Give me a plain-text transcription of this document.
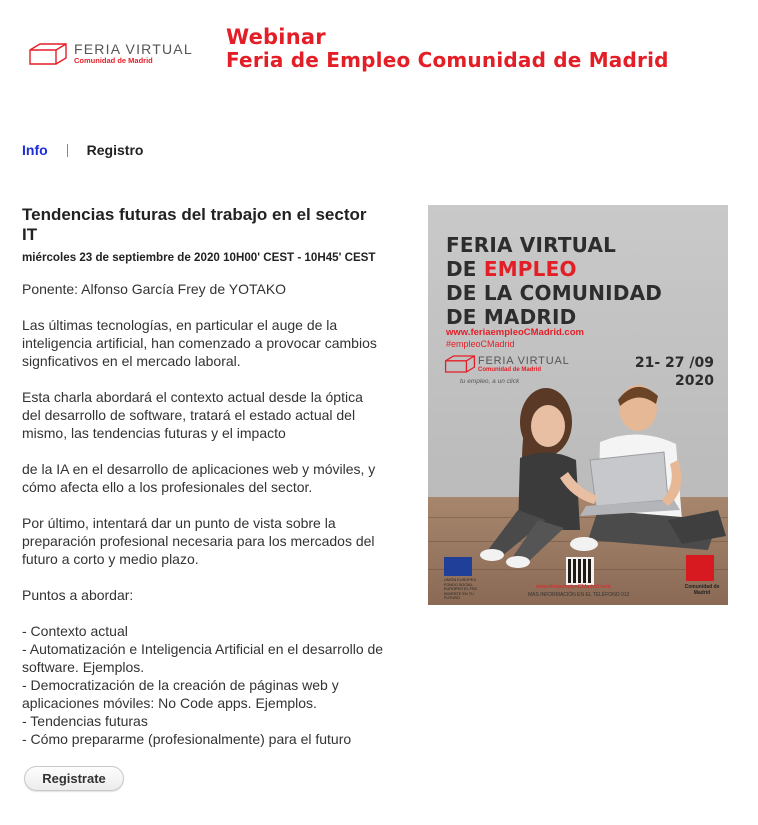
FERIA VIRTUAL
Comunidad de Madrid
Webinar
Feria de Empleo Comunidad de Madrid
Info	Registro
Tendencias futuras del trabajo en el sector
IT
miércoles 23 de septiembre de 2020 10H00' CEST - 10H45' CEST
Ponente: Alfonso García Frey de YOTAKO
Las últimas tecnologías, en particular el auge de la
inteligencia artificial, han comenzado a provocar cambios
signficativos en el mercado laboral.
Esta charla abordará el contexto actual desde la óptica
del desarrollo de software, tratará el estado actual del
mismo, las tendencias futuras y el impacto
de la IA en el desarrollo de aplicaciones web y móviles, y
cómo afecta ello a los profesionales del sector.
Por último, intentará dar un punto de vista sobre la
preparación profesional necesaria para los mercados del
futuro a corto y medio plazo.
Puntos a abordar:
- Contexto actual
- Automatización e Inteligencia Artificial en el desarrollo de
software. Ejemplos.
- Democratización de la creación de páginas web y
aplicaciones móviles: No Code apps. Ejemplos.
- Tendencias futuras
- Cómo prepararme (profesionalmente) para el futuro
Registrate
FERIA VIRTUAL
DE EMPLEO
DE LA COMUNIDAD
DE MADRID
www.feriaempleoCMadrid.com
#empleoCMadrid
FERIA VIRTUAL
Comunidad de Madrid
tu empleo, a un click
21- 27 /09
2020
UNIÓN EUROPEA FONDO SOCIAL EUROPEO EL FSE INVIERTE EN TU FUTURO
Comunidad de Madrid
www.feriaempleoCMadrid.com
MÁS INFORMACIÓN EN EL TELÉFONO 012
